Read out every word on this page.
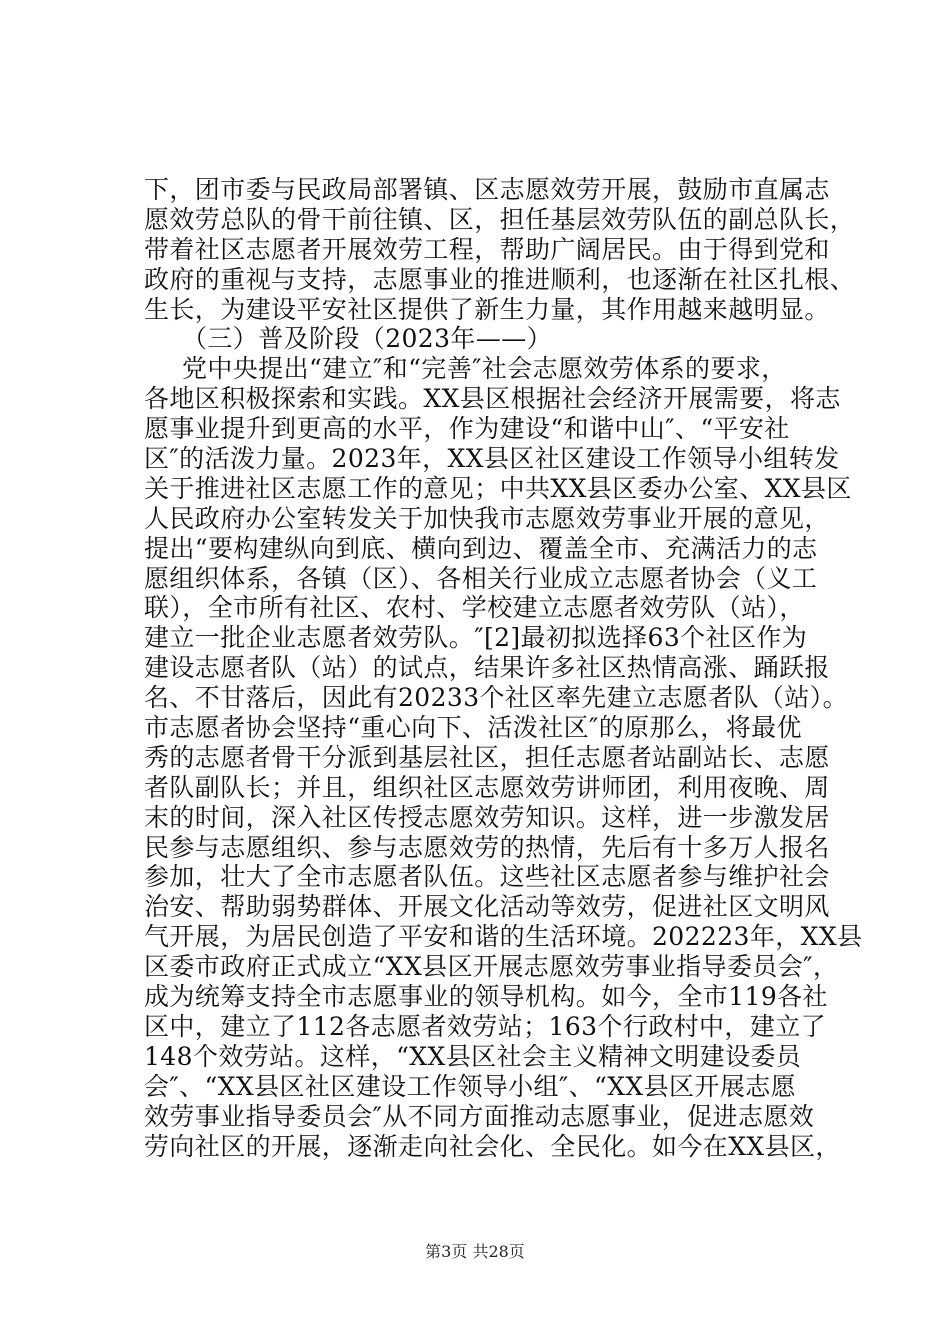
下，团市委与民政局部署镇、区志愿效劳开展，鼓励市直属志
愿效劳总队的骨干前往镇、区，担任基层效劳队伍的副总队长，
带着社区志愿者开展效劳工程，帮助广阔居民。由于得到党和
政府的重视与支持，志愿事业的推进顺利，也逐渐在社区扎根、
生长，为建设平安社区提供了新生力量，其作用越来越明显。
（三）普及阶段（2023年——）
党中央提出“建立″和“完善″社会志愿效劳体系的要求，
各地区积极探索和实践。XX县区根据社会经济开展需要，将志
愿事业提升到更高的水平，作为建设“和谐中山″、“平安社
区″的活泼力量。2023年，XX县区社区建设工作领导小组转发
关于推进社区志愿工作的意见；中共XX县区委办公室、XX县区
人民政府办公室转发关于加快我市志愿效劳事业开展的意见，
提出“要构建纵向到底、横向到边、覆盖全市、充满活力的志
愿组织体系，各镇（区）、各相关行业成立志愿者协会（义工
联），全市所有社区、农村、学校建立志愿者效劳队（站），
建立一批企业志愿者效劳队。″[2]最初拟选择63个社区作为
建设志愿者队（站）的试点，结果许多社区热情高涨、踊跃报
名、不甘落后，因此有20233个社区率先建立志愿者队（站）。
市志愿者协会坚持“重心向下、活泼社区″的原那么，将最优
秀的志愿者骨干分派到基层社区，担任志愿者站副站长、志愿
者队副队长；并且，组织社区志愿效劳讲师团，利用夜晚、周
末的时间，深入社区传授志愿效劳知识。这样，进一步激发居
民参与志愿组织、参与志愿效劳的热情，先后有十多万人报名
参加，壮大了全市志愿者队伍。这些社区志愿者参与维护社会
治安、帮助弱势群体、开展文化活动等效劳，促进社区文明风
气开展，为居民创造了平安和谐的生活环境。202223年，XX县
区委市政府正式成立“XX县区开展志愿效劳事业指导委员会″，
成为统筹支持全市志愿事业的领导机构。如今，全市119各社
区中，建立了112各志愿者效劳站；163个行政村中，建立了
148个效劳站。这样，“XX县区社会主义精神文明建设委员
会″、“XX县区社区建设工作领导小组″、“XX县区开展志愿
效劳事业指导委员会″从不同方面推动志愿事业，促进志愿效
劳向社区的开展，逐渐走向社会化、全民化。如今在XX县区，
第3页 共28页
